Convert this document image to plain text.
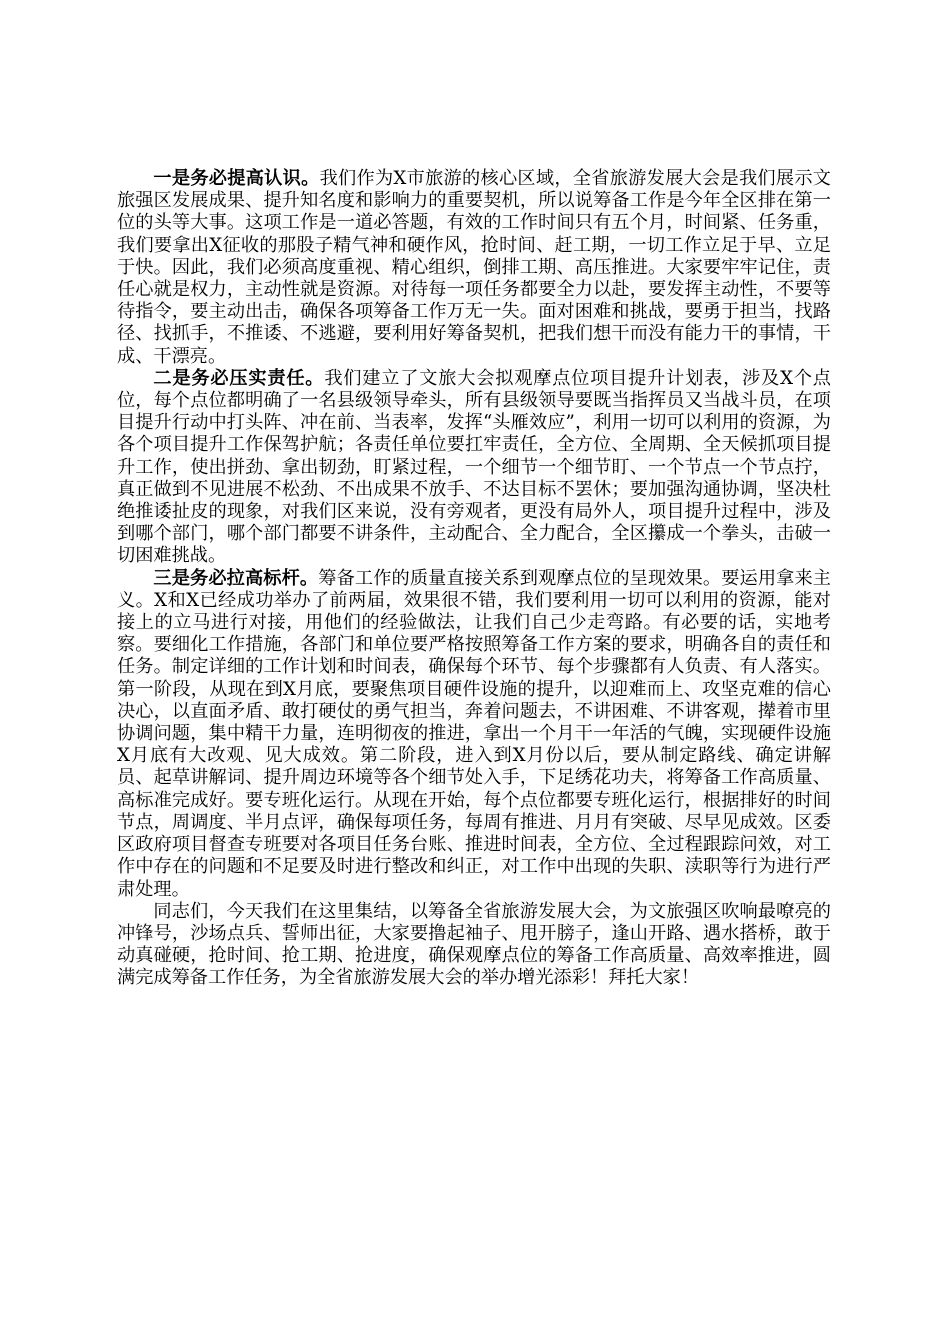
一是务必提高认识。我们作为X市旅游的核心区域，全省旅游发展大会是我们展示文旅强区发展成果、提升知名度和影响力的重要契机，所以说筹备工作是今年全区排在第一位的头等大事。这项工作是一道必答题，有效的工作时间只有五个月，时间紧、任务重，我们要拿出X征收的那股子精气神和硬作风，抢时间、赶工期，一切工作立足于早、立足于快。因此，我们必须高度重视、精心组织，倒排工期、高压推进。大家要牢牢记住，责任心就是权力，主动性就是资源。对待每一项任务都要全力以赴，要发挥主动性，不要等待指令，要主动出击，确保各项筹备工作万无一失。面对困难和挑战，要勇于担当，找路径、找抓手，不推诿、不逃避，要利用好筹备契机，把我们想干而没有能力干的事情，干成、干漂亮。

二是务必压实责任。我们建立了文旅大会拟观摩点位项目提升计划表，涉及X个点位，每个点位都明确了一名县级领导牵头，所有县级领导要既当指挥员又当战斗员，在项目提升行动中打头阵、冲在前、当表率，发挥“头雁效应”，利用一切可以利用的资源，为各个项目提升工作保驾护航；各责任单位要扛牢责任，全方位、全周期、全天候抓项目提升工作，使出拼劲、拿出韧劲，盯紧过程，一个细节一个细节盯、一个节点一个节点拧，真正做到不见进展不松劲、不出成果不放手、不达目标不罢休；要加强沟通协调，坚决杜绝推诿扯皮的现象，对我们区来说，没有旁观者，更没有局外人，项目提升过程中，涉及到哪个部门，哪个部门都要不讲条件，主动配合、全力配合，全区攥成一个拳头，击破一切困难挑战。

三是务必拉高标杆。筹备工作的质量直接关系到观摩点位的呈现效果。要运用拿来主义。X和X已经成功举办了前两届，效果很不错，我们要利用一切可以利用的资源，能对接上的立马进行对接，用他们的经验做法，让我们自己少走弯路。有必要的话，实地考察。要细化工作措施，各部门和单位要严格按照筹备工作方案的要求，明确各自的责任和任务。制定详细的工作计划和时间表，确保每个环节、每个步骤都有人负责、有人落实。第一阶段，从现在到X月底，要聚焦项目硬件设施的提升，以迎难而上、攻坚克难的信心决心，以直面矛盾、敢打硬仗的勇气担当，奔着问题去，不讲困难、不讲客观，撵着市里协调问题，集中精干力量，连明彻夜的推进，拿出一个月干一年活的气魄，实现硬件设施X月底有大改观、见大成效。第二阶段，进入到X月份以后，要从制定路线、确定讲解员、起草讲解词、提升周边环境等各个细节处入手，下足绣花功夫，将筹备工作高质量、高标准完成好。要专班化运行。从现在开始，每个点位都要专班化运行，根据排好的时间节点，周调度、半月点评，确保每项任务，每周有推进、月月有突破、尽早见成效。区委区政府项目督查专班要对各项目任务台账、推进时间表，全方位、全过程跟踪问效，对工作中存在的问题和不足要及时进行整改和纠正，对工作中出现的失职、渎职等行为进行严肃处理。

同志们，今天我们在这里集结，以筹备全省旅游发展大会，为文旅强区吹响最嘹亮的冲锋号，沙场点兵、誓师出征，大家要撸起袖子、甩开膀子，逢山开路、遇水搭桥，敢于动真碰硬，抢时间、抢工期、抢进度，确保观摩点位的筹备工作高质量、高效率推进，圆满完成筹备工作任务，为全省旅游发展大会的举办增光添彩！拜托大家！
